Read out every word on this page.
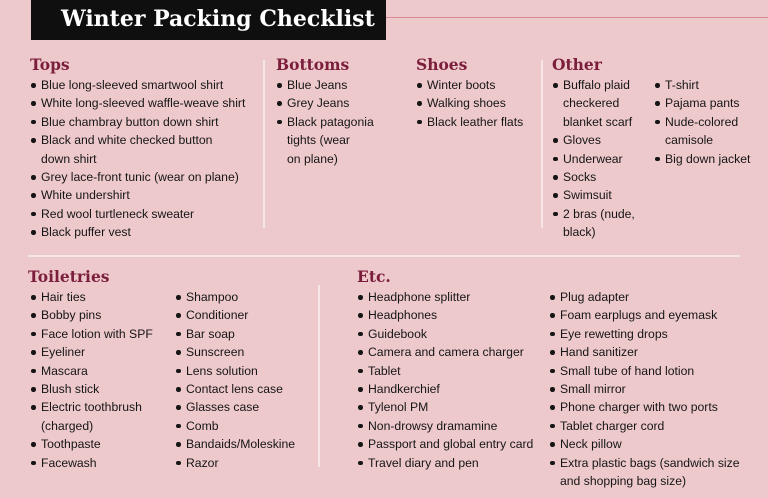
Winter Packing Checklist
Tops
Blue long-sleeved smartwool shirt
White long-sleeved waffle-weave shirt
Blue chambray button down shirt
Black and white checked button
down shirt
Grey lace-front tunic (wear on plane)
White undershirt
Red wool turtleneck sweater
Black puffer vest
Bottoms
Blue Jeans
Grey Jeans
Black patagonia
tights (wear
on plane)
Shoes
Winter boots
Walking shoes
Black leather flats
Other
Buffalo plaid
checkered
blanket scarf
Gloves
Underwear
Socks
Swimsuit
2 bras (nude,
black)
T-shirt
Pajama pants
Nude-colored
camisole
Big down jacket
Toiletries
Hair ties
Bobby pins
Face lotion with SPF
Eyeliner
Mascara
Blush stick
Electric toothbrush
(charged)
Toothpaste
Facewash
Shampoo
Conditioner
Bar soap
Sunscreen
Lens solution
Contact lens case
Glasses case
Comb
Bandaids/Moleskine
Razor
Etc.
Headphone splitter
Headphones
Guidebook
Camera and camera charger
Tablet
Handkerchief
Tylenol PM
Non-drowsy dramamine
Passport and global entry card
Travel diary and pen
Plug adapter
Foam earplugs and eyemask
Eye rewetting drops
Hand sanitizer
Small tube of hand lotion
Small mirror
Phone charger with two ports
Tablet charger cord
Neck pillow
Extra plastic bags (sandwich size
and shopping bag size)
